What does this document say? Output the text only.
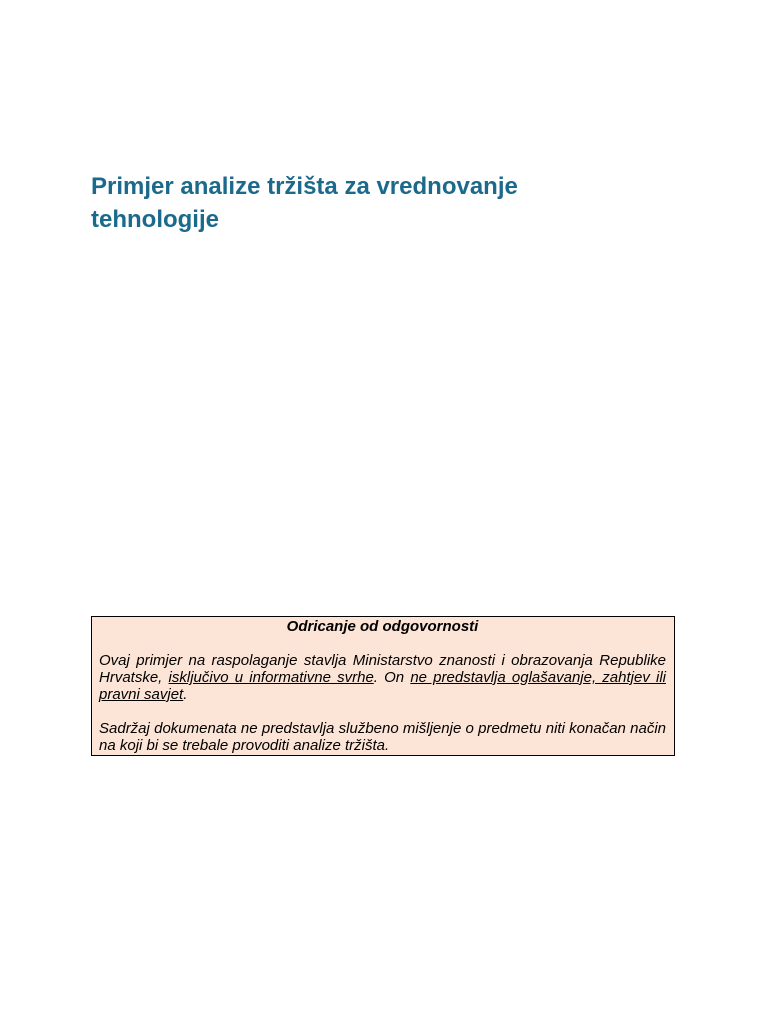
Primjer analize tržišta za vrednovanje tehnologije
Odricanje od odgovornosti

Ovaj primjer na raspolaganje stavlja Ministarstvo znanosti i obrazovanja Republike Hrvatske, isključivo u informativne svrhe. On ne predstavlja oglašavanje, zahtjev ili pravni savjet.

Sadržaj dokumenata ne predstavlja službeno mišljenje o predmetu niti konačan način na koji bi se trebale provoditi analize tržišta.
